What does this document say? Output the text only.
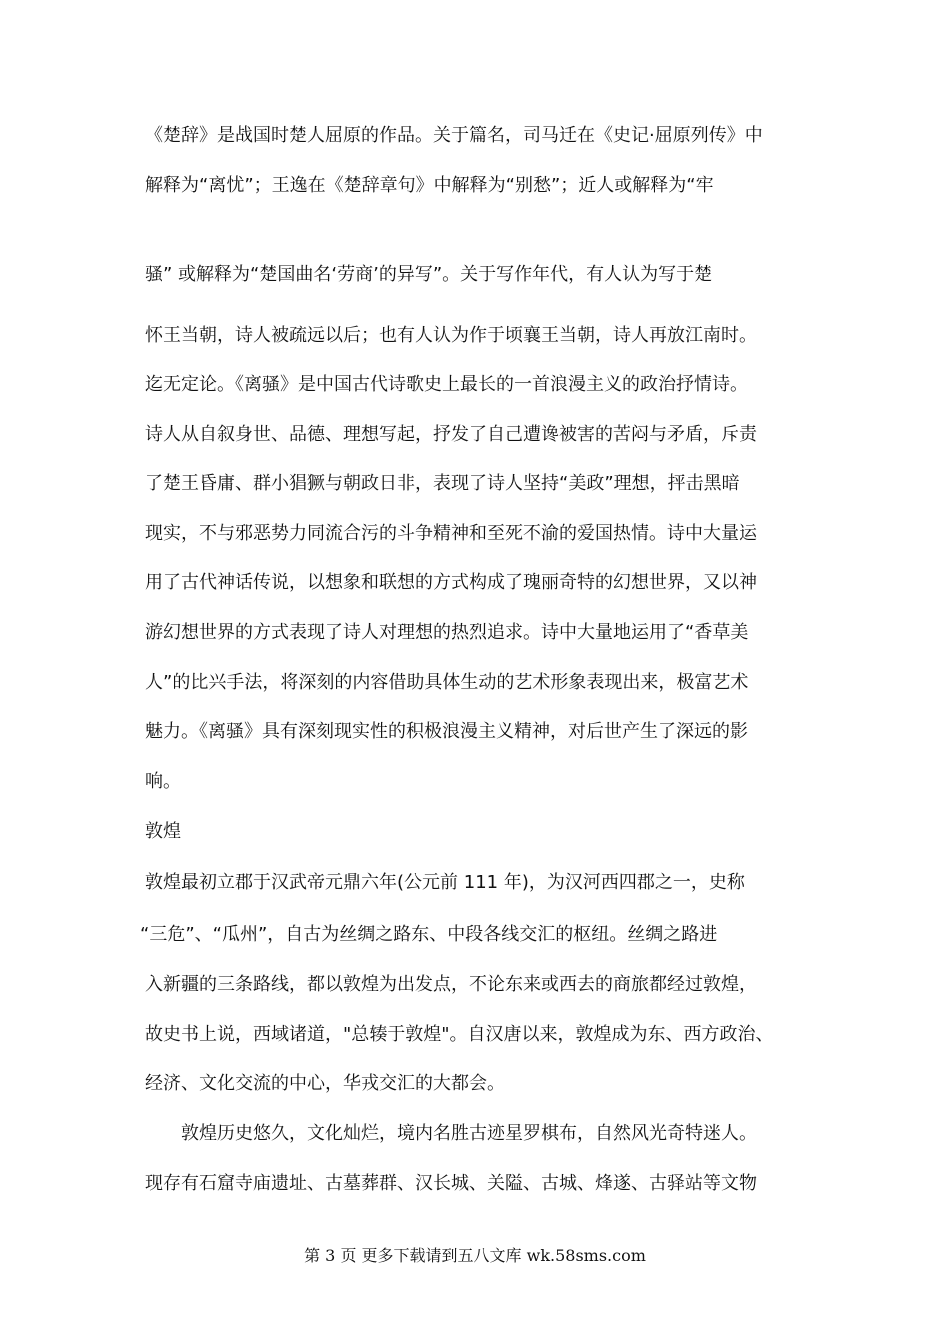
《楚辞》是战国时楚人屈原的作品。关于篇名，司马迁在《史记·屈原列传》中
解释为“离忧”；王逸在《楚辞章句》中解释为“别愁”；近人或解释为“牢
骚” 或解释为“楚国曲名‘劳商’的异写”。关于写作年代，有人认为写于楚
怀王当朝，诗人被疏远以后；也有人认为作于顷襄王当朝，诗人再放江南时。
迄无定论。《离骚》是中国古代诗歌史上最长的一首浪漫主义的政治抒情诗。
诗人从自叙身世、品德、理想写起，抒发了自己遭谗被害的苦闷与矛盾，斥责
了楚王昏庸、群小猖獗与朝政日非，表现了诗人坚持“美政”理想，抨击黑暗
现实，不与邪恶势力同流合污的斗争精神和至死不渝的爱国热情。诗中大量运
用了古代神话传说，以想象和联想的方式构成了瑰丽奇特的幻想世界，又以神
游幻想世界的方式表现了诗人对理想的热烈追求。诗中大量地运用了“香草美
人”的比兴手法，将深刻的内容借助具体生动的艺术形象表现出来，极富艺术
魅力。《离骚》具有深刻现实性的积极浪漫主义精神，对后世产生了深远的影
响。
敦煌
敦煌最初立郡于汉武帝元鼎六年(公元前 111 年)，为汉河西四郡之一，史称
“三危”、“瓜州”，自古为丝绸之路东、中段各线交汇的枢纽。丝绸之路进
入新疆的三条路线，都以敦煌为出发点，不论东来或西去的商旅都经过敦煌，
故史书上说，西域诸道，"总辏于敦煌"。自汉唐以来，敦煌成为东、西方政治、
经济、文化交流的中心，华戎交汇的大都会。
敦煌历史悠久，文化灿烂，境内名胜古迹星罗棋布，自然风光奇特迷人。
现存有石窟寺庙遗址、古墓葬群、汉长城、关隘、古城、烽遂、古驿站等文物
第 3 页 更多下载请到五八文库 wk.58sms.com
